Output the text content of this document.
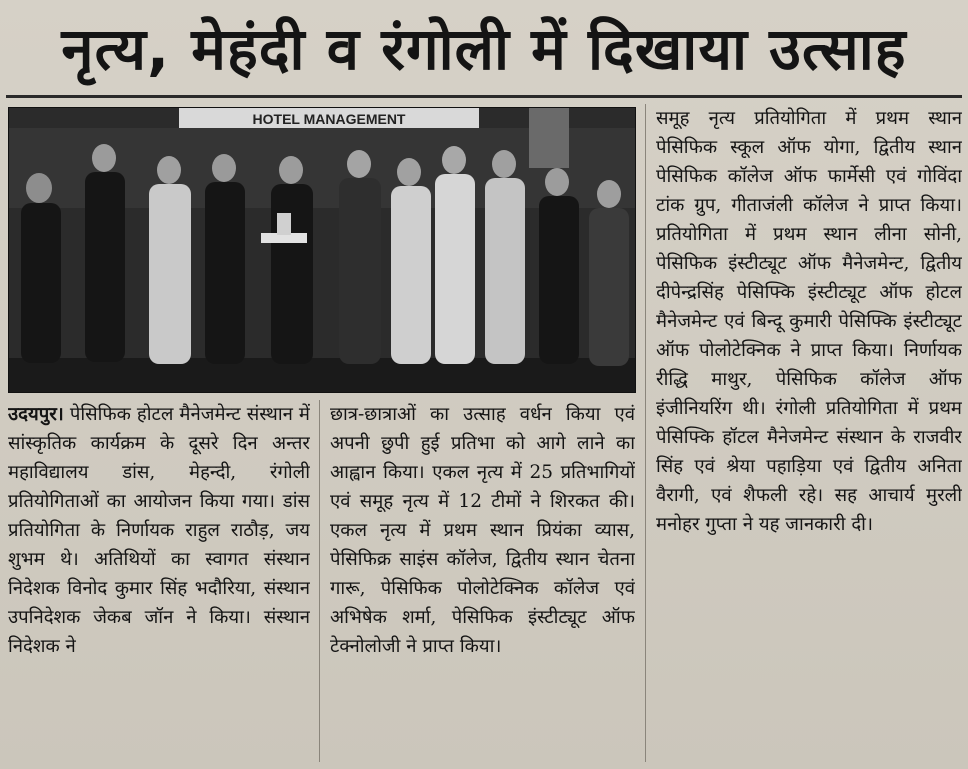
नृत्य, मेहंदी व रंगोली में दिखाया उत्साह
HOTEL MANAGEMENT
उदयपुर। पेसिफिक होटल मैनेजमेन्ट संस्थान में सांस्कृतिक कार्यक्रम के दूसरे दिन अन्तर महाविद्यालय डांस, मेहन्दी, रंगोली प्रतियोगिताओं का आयोजन किया गया। डांस प्रतियोगिता के निर्णायक राहुल राठौड़, जय शुभम थे। अतिथियों का स्वागत संस्थान निदेशक विनोद कुमार सिंह भदौरिया, संस्थान उपनिदेशक जेकब जॉन ने किया। संस्थान निदेशक ने
छात्र-छात्राओं का उत्साह वर्धन किया एवं अपनी छुपी हुई प्रतिभा को आगे लाने का आह्वान किया। एकल नृत्य में 25 प्रतिभागियों एवं समूह नृत्य में 12 टीमों ने शिरकत की। एकल नृत्य में प्रथम स्थान प्रियंका व्यास, पेसिफिक्र साइंस कॉलेज, द्वितीय स्थान चेतना गारू, पेसिफिक पोलोटेक्निक कॉलेज एवं अभिषेक शर्मा, पेसिफिक इंस्टीट्यूट ऑफ टेक्नोलोजी ने प्राप्त किया।

समूह नृत्य प्रतियोगिता में प्रथम स्थान पेसिफिक स्कूल ऑफ योगा, द्वितीय स्थान पेसिफिक कॉलेज ऑफ फार्मेसी एवं गोविंदा टांक ग्रुप, गीताजंली कॉलेज ने प्राप्त किया। प्रतियोगिता में प्रथम स्थान लीना सोनी, पेसिफिक इंस्टीट्यूट ऑफ मैनेजमेन्ट, द्वितीय दीपेन्द्रसिंह पेसिफ्कि इंस्टीट्यूट ऑफ होटल मैनेजमेन्ट एवं बिन्दू कुमारी पेसिफ्कि इंस्टीट्यूट ऑफ पोलोटेक्निक ने प्राप्त किया। निर्णायक रीद्धि माथुर, पेसिफिक कॉलेज ऑफ इंजीनियरिंग थी। रंगोली प्रतियोगिता में प्रथम पेसिफ्कि हॉटल मैनेजमेन्ट संस्थान के राजवीर सिंह एवं श्रेया पहाड़िया एवं द्वितीय अनिता वैरागी, एवं शैफली रहे। सह आचार्य मुरली मनोहर गुप्ता ने यह जानकारी दी।
